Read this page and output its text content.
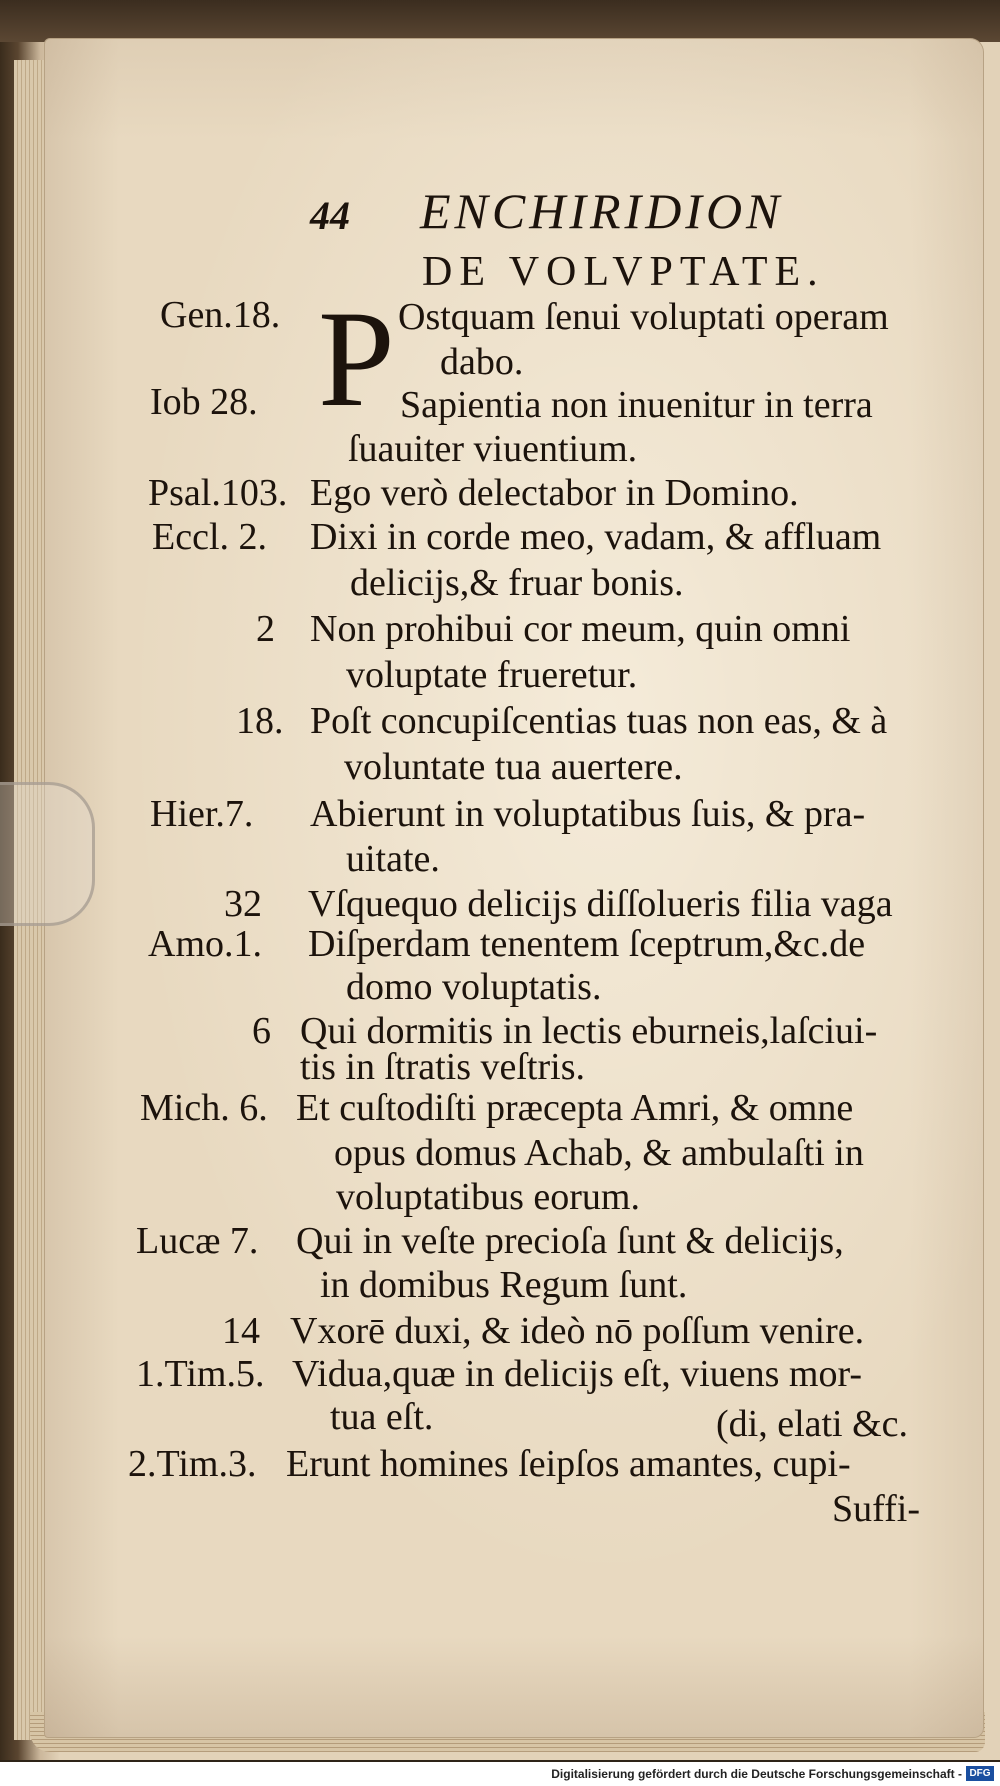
44 ENCHIRIDION
DE VOLVPTATE.
P
Gen.18.
Iob 28.
Psal.103.
Eccl. 2.
2
18.
Hier.7.
32
Amo.1.
6
Mich. 6.
Lucæ 7.
14
1.Tim.5.
2.Tim.3.
Ostquam ſenui voluptati operam
dabo.
Sapientia non inuenitur in terra
ſuauiter viuentium.
Ego verò delectabor in Domino.
Dixi in corde meo, vadam, & affluam
delicijs,& fruar bonis.
Non prohibui cor meum, quin omni
voluptate frueretur.
Poſt concupiſcentias tuas non eas, & à
voluntate tua auertere.
Abierunt in voluptatibus ſuis, & pra-
uitate.
Vſquequo delicijs diſſolueris filia vaga
Diſperdam tenentem ſceptrum,&c.de
domo voluptatis.
Qui dormitis in lectis eburneis,laſciui-
tis in ſtratis veſtris.
Et cuſtodiſti præcepta Amri, & omne
opus domus Achab, & ambulaſti in
voluptatibus eorum.
Qui in veſte precioſa ſunt & delicijs,
in domibus Regum ſunt.
Vxorē duxi, & ideò nō poſſum venire.
Vidua,quæ in delicijs eſt, viuens mor-
tua eſt.	(di, elati &c.
Erunt homines ſeipſos amantes, cupi-
Suffi-
Digitalisierung gefördert durch die Deutsche Forschungsgemeinschaft - DFG
